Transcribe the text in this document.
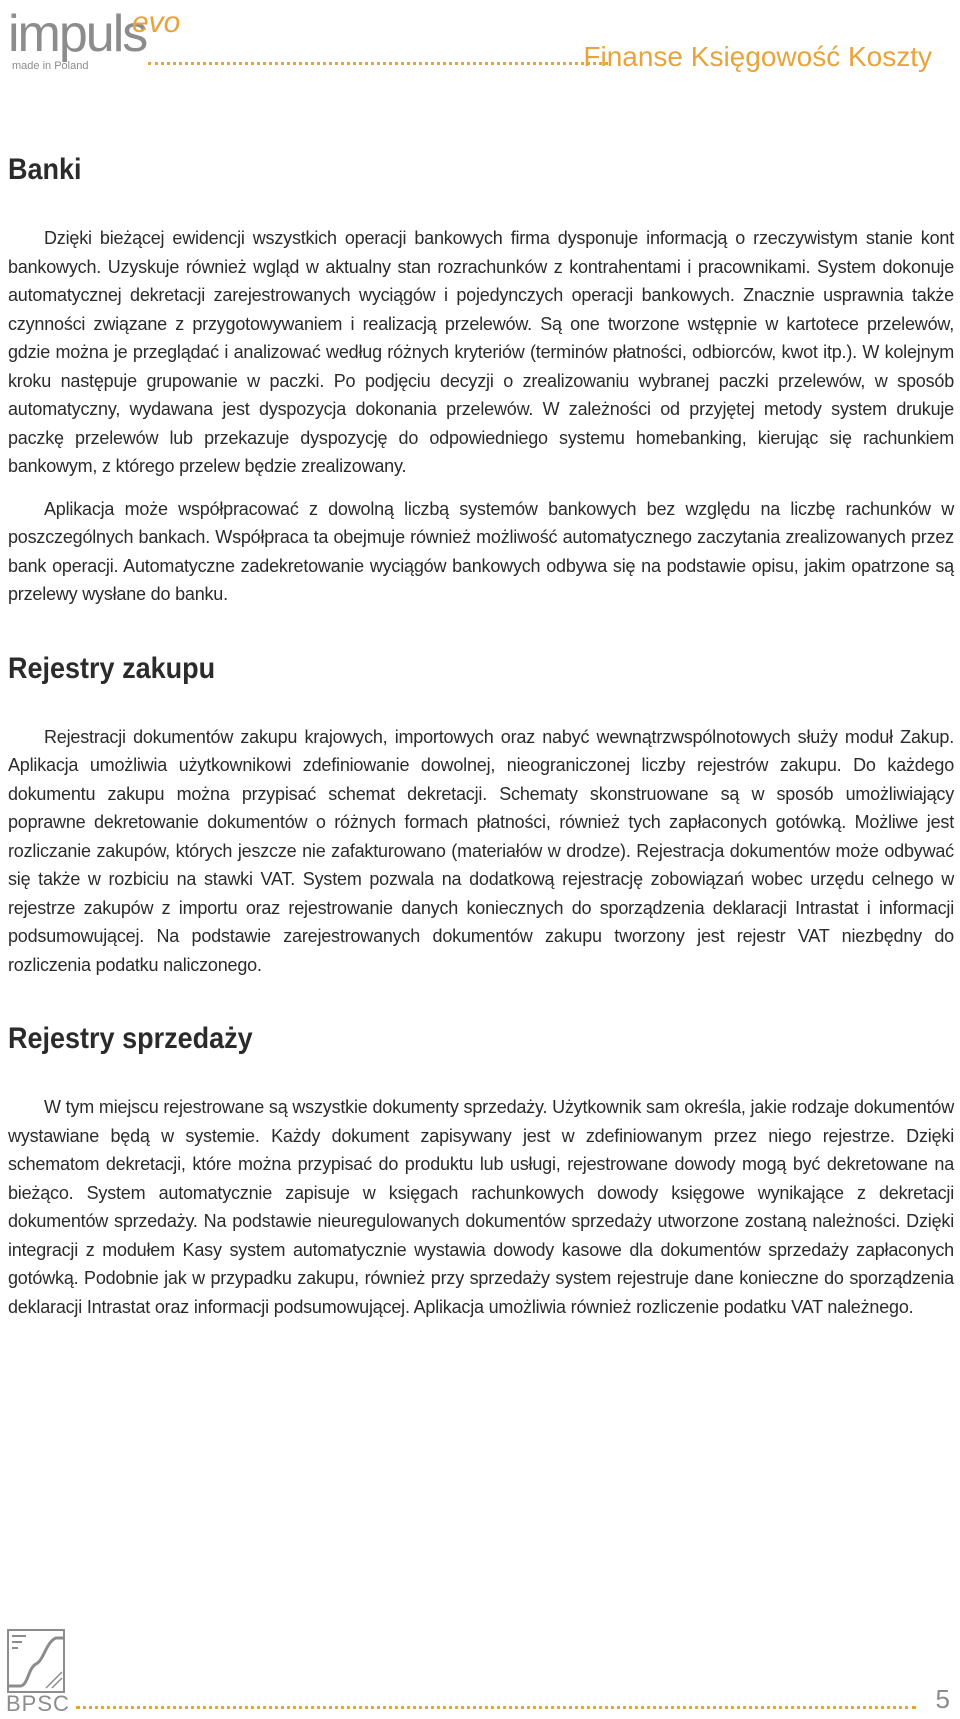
impuls
evo
made in Poland	Finanse Księgowość Koszty
Banki

Dzięki bieżącej ewidencji wszystkich operacji bankowych firma dysponuje informacją o rzeczywistym stanie kont bankowych. Uzyskuje również wgląd w aktualny stan rozrachunków z kontrahentami i pracownikami. System dokonuje automatycznej dekretacji zarejestrowanych wyciągów i pojedynczych operacji bankowych. Znacznie usprawnia także czynności związane z przygotowywaniem i realizacją przelewów. Są one tworzone wstępnie w kartotece przelewów, gdzie można je przeglądać i analizować według różnych kryteriów (terminów płatności, odbiorców, kwot itp.). W kolejnym kroku następuje grupowanie w paczki. Po podjęciu decyzji o zrealizowaniu wybranej paczki przelewów, w sposób automatyczny, wydawana jest dyspozycja dokonania przelewów. W zależności od przyjętej metody system drukuje paczkę przelewów lub przekazuje dyspozycję do odpowiedniego systemu homebanking, kierując się rachunkiem bankowym, z którego przelew będzie zrealizowany.

Aplikacja może współpracować z dowolną liczbą systemów bankowych bez względu na liczbę rachunków w poszczególnych bankach. Współpraca ta obejmuje również możliwość automatycznego zaczytania zrealizowanych przez bank operacji. Automatyczne zadekretowanie wyciągów bankowych odbywa się na podstawie opisu, jakim opatrzone są przelewy wysłane do banku.

Rejestry zakupu

Rejestracji dokumentów zakupu krajowych, importowych oraz nabyć wewnątrzwspólnotowych służy moduł Zakup. Aplikacja umożliwia użytkownikowi zdefiniowanie dowolnej, nieograniczonej liczby rejestrów zakupu. Do każdego dokumentu zakupu można przypisać schemat dekretacji. Schematy skonstruowane są w sposób umożliwiający poprawne dekretowanie dokumentów o różnych formach płatności, również tych zapłaconych gotówką. Możliwe jest rozliczanie zakupów, których jeszcze nie zafakturowano (materiałów w drodze). Rejestracja dokumentów może odbywać się także w rozbiciu na stawki VAT. System pozwala na dodatkową rejestrację zobowiązań wobec urzędu celnego w rejestrze zakupów z importu oraz rejestrowanie danych koniecznych do sporządzenia deklaracji Intrastat i informacji podsumowującej. Na podstawie zarejestrowanych dokumentów zakupu tworzony jest rejestr VAT niezbędny do rozliczenia podatku naliczonego.

Rejestry sprzedaży

W tym miejscu rejestrowane są wszystkie dokumenty sprzedaży. Użytkownik sam określa, jakie rodzaje dokumentów wystawiane będą w systemie. Każdy dokument zapisywany jest w zdefiniowanym przez niego rejestrze. Dzięki schematom dekretacji, które można przypisać do produktu lub usługi, rejestrowane dowody mogą być dekretowane na bieżąco. System automatycznie zapisuje w księgach rachunkowych dowody księgowe wynikające z dekretacji dokumentów sprzedaży. Na podstawie nieuregulowanych dokumentów sprzedaży utworzone zostaną należności. Dzięki integracji z modułem Kasy system automatycznie wystawia dowody kasowe dla dokumentów sprzedaży zapłaconych gotówką. Podobnie jak w przypadku zakupu, również przy sprzedaży system rejestruje dane konieczne do sporządzenia deklaracji Intrastat oraz informacji podsumowującej. Aplikacja umożliwia również rozliczenie podatku VAT należnego.

BPSC	5
